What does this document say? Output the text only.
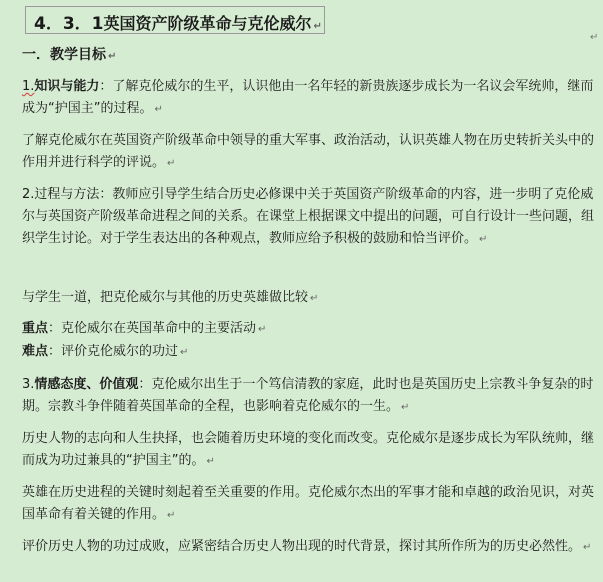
4．3．1英国资产阶级革命与克伦威尔 ↵
↵
一．教学目标 ↵
1.知识与能力：了解克伦威尔的生平，认识他由一名年轻的新贵族逐步成长为一名议会军统帅，继而成为“护国主”的过程。 ↵
了解克伦威尔在英国资产阶级革命中领导的重大军事、政治活动，认识英雄人物在历史转折关头中的作用并进行科学的评说。 ↵
2.过程与方法：教师应引导学生结合历史必修课中关于英国资产阶级革命的内容，进一步明了克伦威尔与英国资产阶级革命进程之间的关系。在课堂上根据课文中提出的问题，可自行设计一些问题，组织学生讨论。对于学生表达出的各种观点，教师应给予积极的鼓励和恰当评价。 ↵
与学生一道，把克伦威尔与其他的历史英雄做比较 ↵
重点：克伦威尔在英国革命中的主要活动 ↵
难点：评价克伦威尔的功过 ↵
3.情感态度、价值观：克伦威尔出生于一个笃信清教的家庭，此时也是英国历史上宗教斗争复杂的时期。宗教斗争伴随着英国革命的全程，也影响着克伦威尔的一生。 ↵
历史人物的志向和人生抉择，也会随着历史环境的变化而改变。克伦威尔是逐步成长为军队统帅，继而成为功过兼具的“护国主”的。 ↵
英雄在历史进程的关键时刻起着至关重要的作用。克伦威尔杰出的军事才能和卓越的政治见识，对英国革命有着关键的作用。 ↵
评价历史人物的功过成败，应紧密结合历史人物出现的时代背景，探讨其所作所为的历史必然性。 ↵
